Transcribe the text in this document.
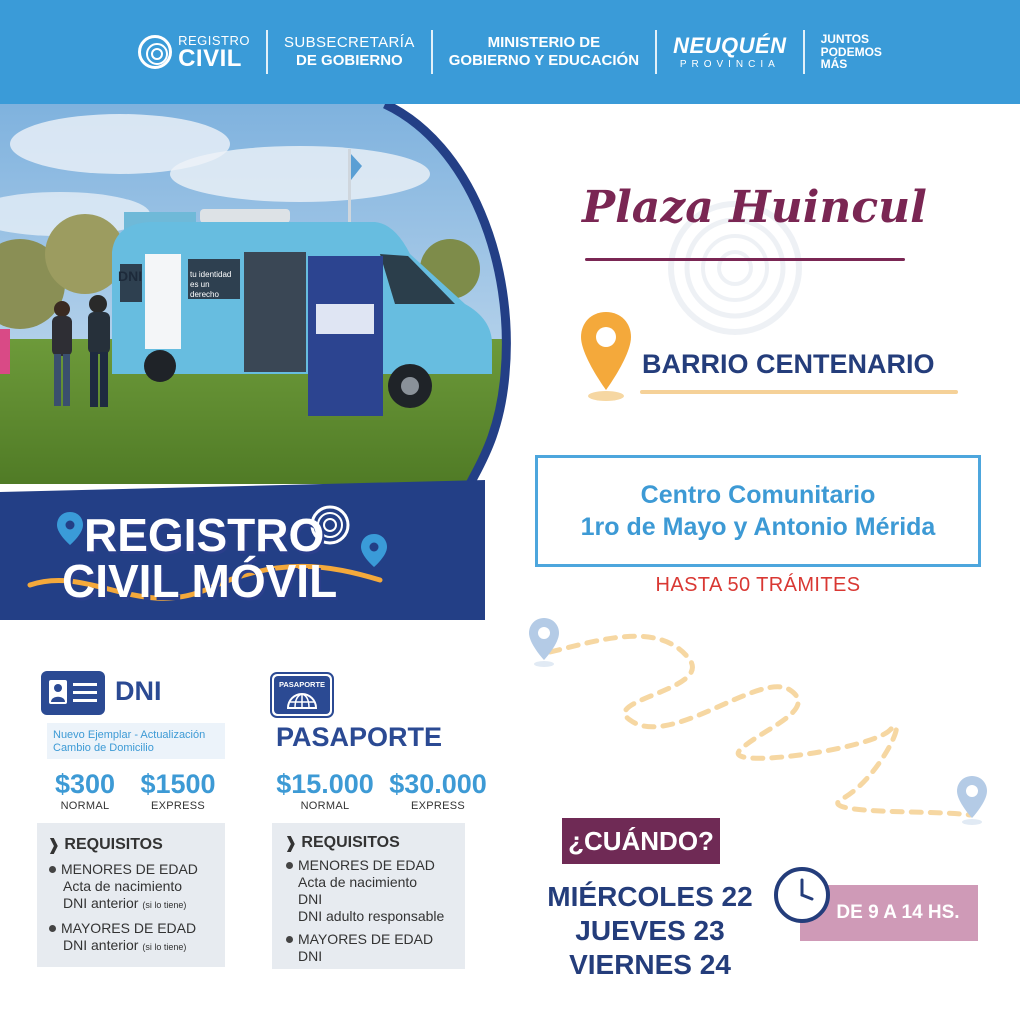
REGISTRO
CIVIL
SUBSECRETARÍA
DE GOBIERNO
MINISTERIO DE
GOBIERNO Y EDUCACIÓN
NEUQUÉN
PROVINCIA
JUNTOS
PODEMOS
MÁS
DNI	tu identidad es un derecho
REGISTRO
CIVIL MÓVIL
Plaza Huincul
BARRIO CENTENARIO
Centro Comunitario
1ro de Mayo y Antonio Mérida
HASTA 50 TRÁMITES
¿CUÁNDO?
MIÉRCOLES 22
JUEVES 23
VIERNES 24
DE 9 A 14 HS.
DNI
Nuevo Ejemplar - Actualización
Cambio de Domicilio
$300 $1500
NORMAL	EXPRESS
❱ REQUISITOS
MENORES DE EDAD
Acta de nacimiento
DNI anterior (si lo tiene)
MAYORES DE EDAD
DNI anterior (si lo tiene)
PASAPORTE
PASAPORTE
$15.000 $30.000
NORMAL	EXPRESS
❱ REQUISITOS
MENORES DE EDAD
Acta de nacimiento
DNI
DNI adulto responsable
MAYORES DE EDAD
DNI
